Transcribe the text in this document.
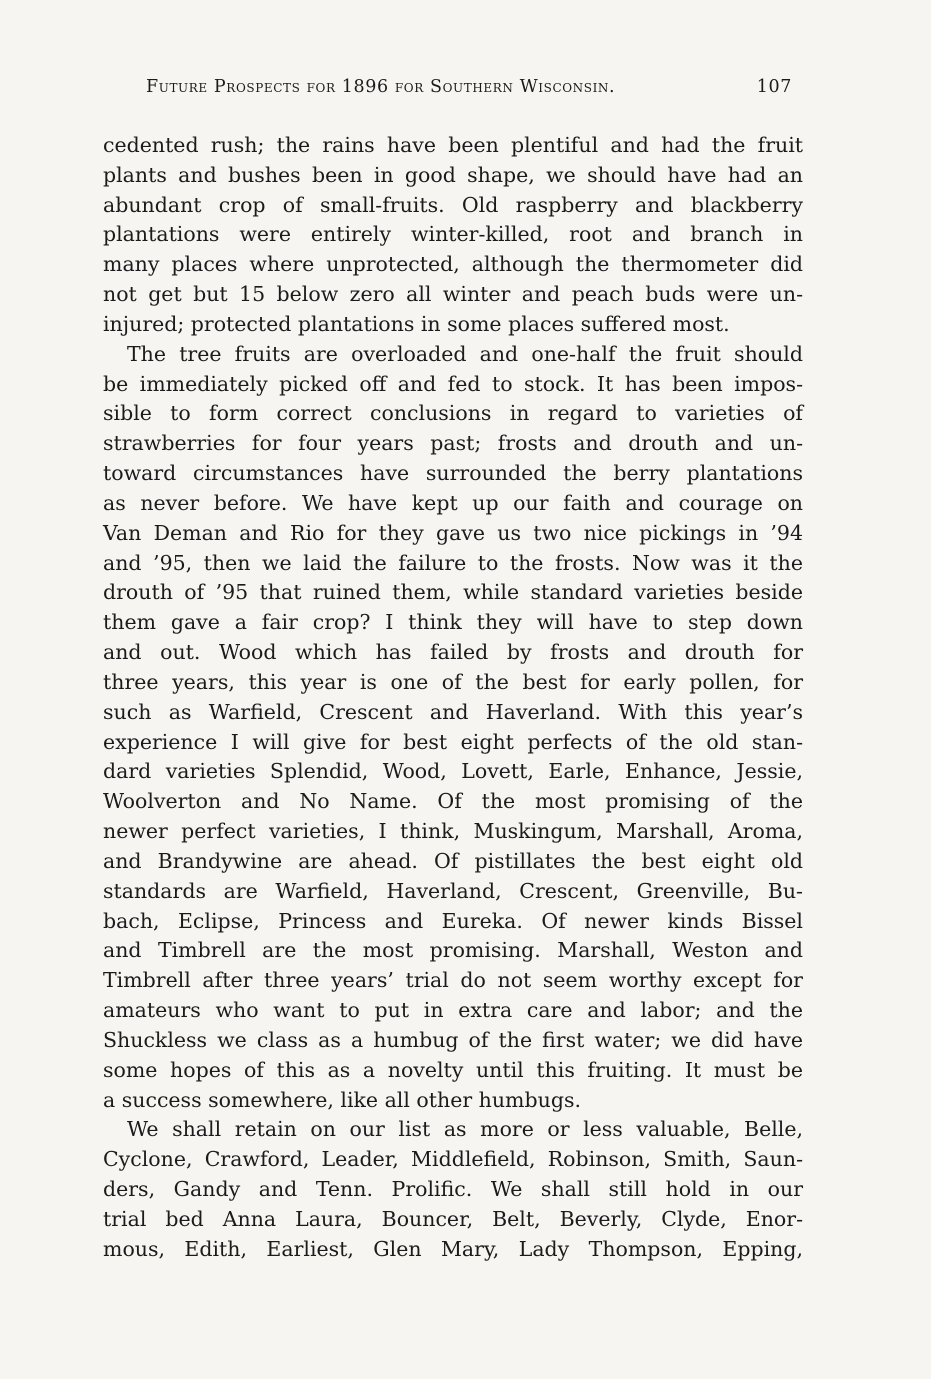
Future Prospects for 1896 for Southern Wisconsin.	107
cedented rush; the rains have been plentiful and had the fruit
plants and bushes been in good shape, we should have had an
abundant crop of small-fruits. Old raspberry and blackberry
plantations were entirely winter-killed, root and branch in
many places where unprotected, although the thermometer did
not get but 15 below zero all winter and peach buds were un-
injured; protected plantations in some places suffered most.
The tree fruits are overloaded and one-half the fruit should
be immediately picked off and fed to stock. It has been impos-
sible to form correct conclusions in regard to varieties of
strawberries for four years past; frosts and drouth and un-
toward circumstances have surrounded the berry plantations
as never before. We have kept up our faith and courage on
Van Deman and Rio for they gave us two nice pickings in ’94
and ’95, then we laid the failure to the frosts. Now was it the
drouth of ’95 that ruined them, while standard varieties beside
them gave a fair crop? I think they will have to step down
and out. Wood which has failed by frosts and drouth for
three years, this year is one of the best for early pollen, for
such as Warfield, Crescent and Haverland. With this year’s
experience I will give for best eight perfects of the old stan-
dard varieties Splendid, Wood, Lovett, Earle, Enhance, Jessie,
Woolverton and No Name. Of the most promising of the
newer perfect varieties, I think, Muskingum, Marshall, Aroma,
and Brandywine are ahead. Of pistillates the best eight old
standards are Warfield, Haverland, Crescent, Greenville, Bu-
bach, Eclipse, Princess and Eureka. Of newer kinds Bissel
and Timbrell are the most promising. Marshall, Weston and
Timbrell after three years’ trial do not seem worthy except for
amateurs who want to put in extra care and labor; and the
Shuckless we class as a humbug of the first water; we did have
some hopes of this as a novelty until this fruiting. It must be
a success somewhere, like all other humbugs.
We shall retain on our list as more or less valuable, Belle,
Cyclone, Crawford, Leader, Middlefield, Robinson, Smith, Saun-
ders, Gandy and Tenn. Prolific. We shall still hold in our
trial bed Anna Laura, Bouncer, Belt, Beverly, Clyde, Enor-
mous, Edith, Earliest, Glen Mary, Lady Thompson, Epping,
